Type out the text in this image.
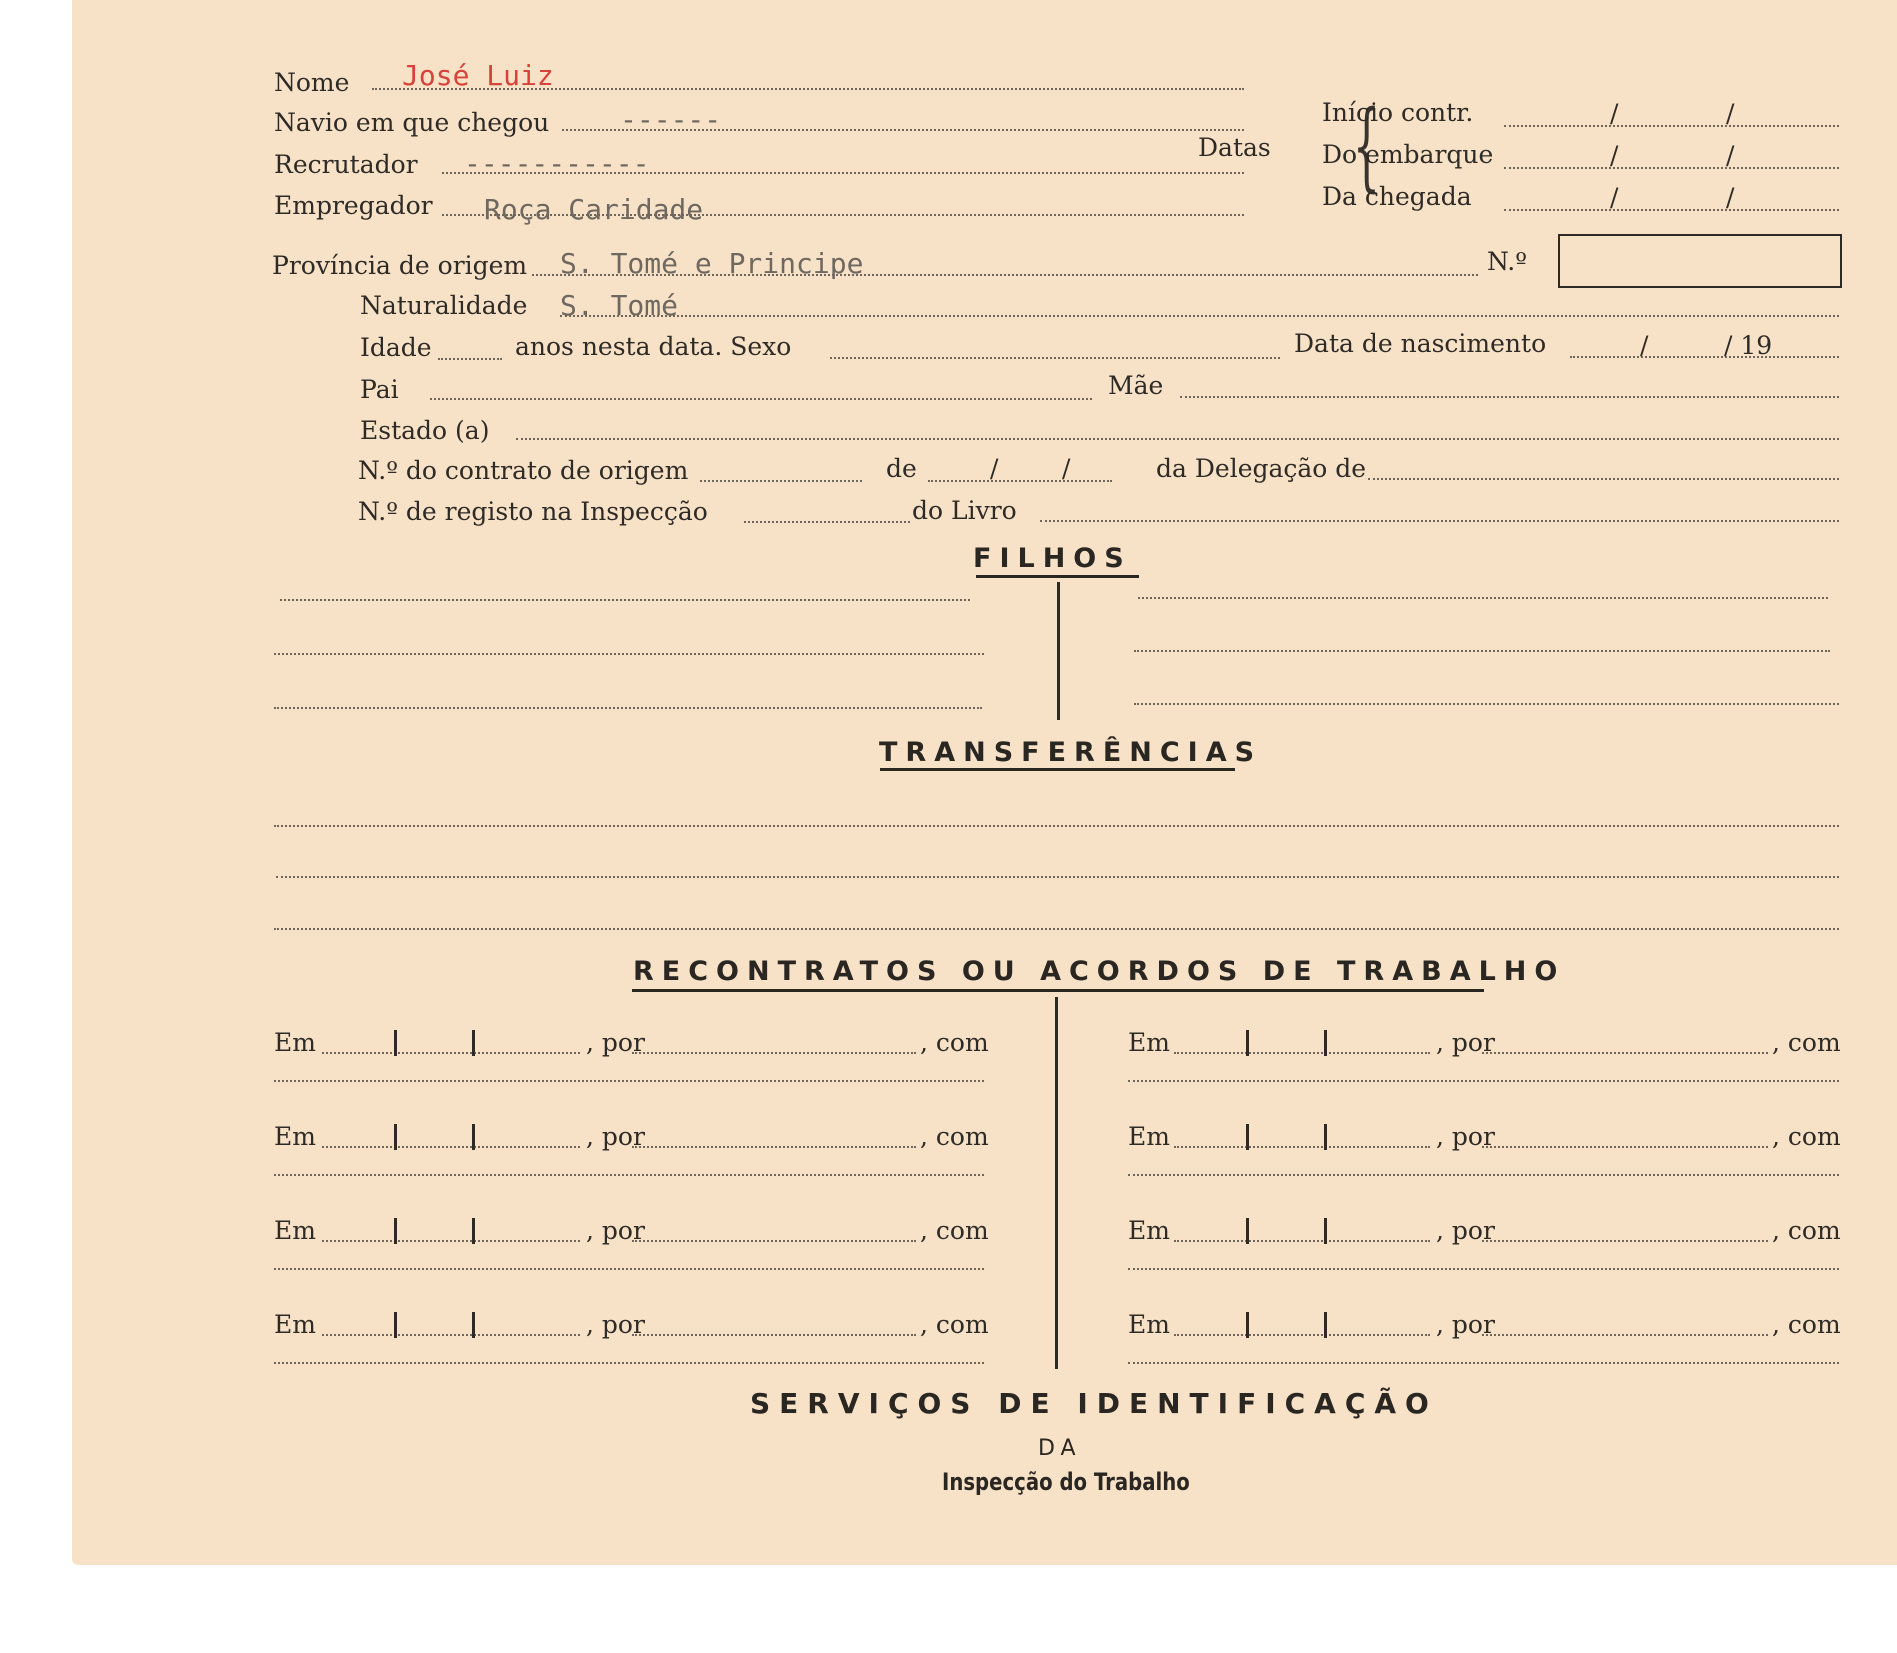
Nome José Luiz
Navio em que chegou	------
Recrutador -----------
Empregador Roça Caridade
Datas {
Início contr.	/	/
Do embarque	/	/
Da chegada	/	/
Província de origem S. Tomé e Principe	N.º
Naturalidade S. Tomé
Idade	anos nesta data. Sexo	Data de nascimento	/	/ 19
Pai	Mãe
Estado (a)
N.º do contrato de origem	de	/	/	da Delegação de
N.º de registo na Inspecção	do Livro
FILHOS
TRANSFERÊNCIAS
RECONTRATOS OU ACORDOS DE TRABALHO
Em	, por	, com
Em	, por	, com
Em	, por	, com
Em	, por	, com
Em	, por	, com
Em	, por	, com
Em	, por	, com
Em	, por	, com
SERVIÇOS DE IDENTIFICAÇÃO
DA
Inspecção do Trabalho
